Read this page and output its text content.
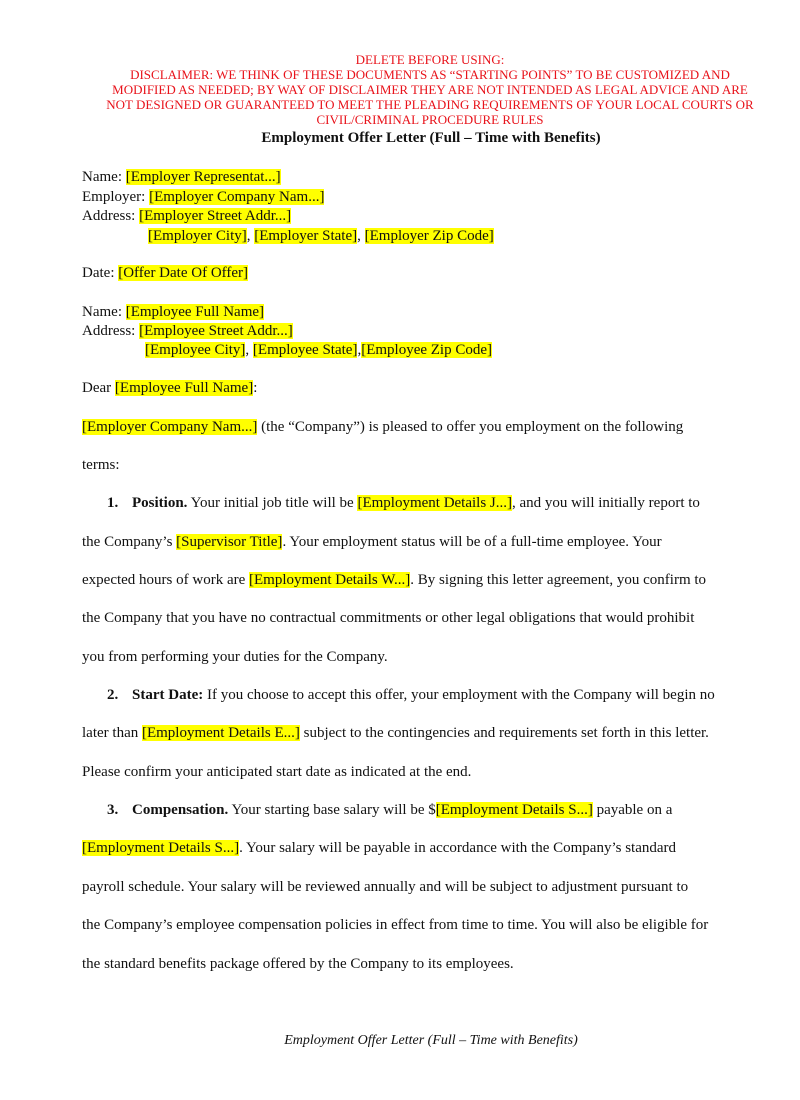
DELETE BEFORE USING:
DISCLAIMER: WE THINK OF THESE DOCUMENTS AS “STARTING POINTS” TO BE CUSTOMIZED AND
MODIFIED AS NEEDED; BY WAY OF DISCLAIMER THEY ARE NOT INTENDED AS LEGAL ADVICE AND ARE
NOT DESIGNED OR GUARANTEED TO MEET THE PLEADING REQUIREMENTS OF YOUR LOCAL COURTS OR
CIVIL/CRIMINAL PROCEDURE RULES
Employment Offer Letter (Full – Time with Benefits)
Name: [Employer Representat...]
Employer: [Employer Company Nam...]
Address: [Employer Street Addr...]
[Employer City], [Employer State], [Employer Zip Code]
Date: [Offer Date Of Offer]
Name: [Employee Full Name]
Address: [Employee Street Addr...]
[Employee City], [Employee State],[Employee Zip Code]
Dear [Employee Full Name]:
[Employer Company Nam...] (the “Company”) is pleased to offer you employment on the following
terms:
1. Position. Your initial job title will be [Employment Details J...], and you will initially report to
the Company’s [Supervisor Title]. Your employment status will be of a full-time employee. Your
expected hours of work are [Employment Details W...]. By signing this letter agreement, you confirm to
the Company that you have no contractual commitments or other legal obligations that would prohibit
you from performing your duties for the Company.
2. Start Date: If you choose to accept this offer, your employment with the Company will begin no
later than [Employment Details E...] subject to the contingencies and requirements set forth in this letter.
Please confirm your anticipated start date as indicated at the end.
3. Compensation. Your starting base salary will be $[Employment Details S...] payable on a
[Employment Details S...]. Your salary will be payable in accordance with the Company’s standard
payroll schedule. Your salary will be reviewed annually and will be subject to adjustment pursuant to
the Company’s employee compensation policies in effect from time to time. You will also be eligible for
the standard benefits package offered by the Company to its employees.
Employment Offer Letter (Full – Time with Benefits)
